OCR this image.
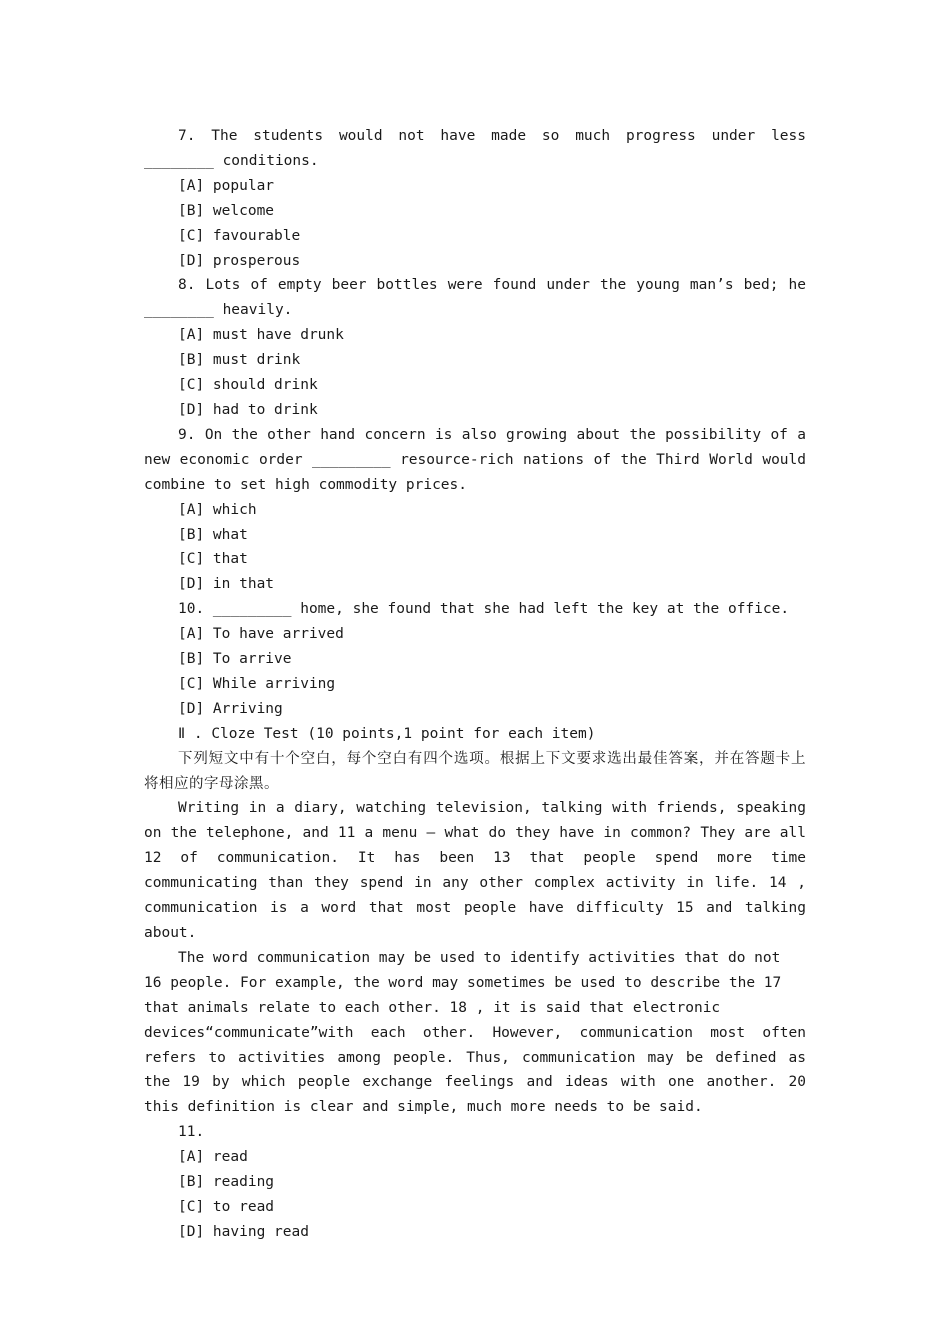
7. The students would not have made so much progress under less ________ conditions.

[A] popular

[B] welcome

[C] favourable

[D] prosperous

8. Lots of empty beer bottles were found under the young man’s bed; he ________ heavily.

[A] must have drunk

[B] must drink

[C] should drink

[D] had to drink

9. On the other hand concern is also growing about the possibility of a new economic order _________ resource-rich nations of the Third World would combine to set high commodity prices.

[A] which

[B] what

[C] that

[D] in that

10. _________ home, she found that she had left the key at the office.

[A] To have arrived

[B] To arrive

[C] While arriving

[D] Arriving

Ⅱ . Cloze Test (10 points,1 point for each item)

下列短文中有十个空白，每个空白有四个选项。根据上下文要求选出最佳答案，并在答题卡上将相应的字母涂黑。

Writing in a diary, watching television, talking with friends, speaking on the telephone, and 11 a menu — what do they have in common? They are all 12 of communication. It has been 13 that people spend more time communicating than they spend in any other complex activity in life. 14 , communication is a word that most people have difficulty 15 and talking about.

The word communication may be used to identify activities that do not 16 people. For example, the word may sometimes be used to describe the 17 that animals relate to each other. 18 , it is said that electronic

devices“communicate”with each other. However, communication most often refers to activities among people. Thus, communication may be defined as the 19 by which people exchange feelings and ideas with one another. 20 this definition is clear and simple, much more needs to be said.

11.

[A] read

[B] reading

[C] to read

[D] having read
